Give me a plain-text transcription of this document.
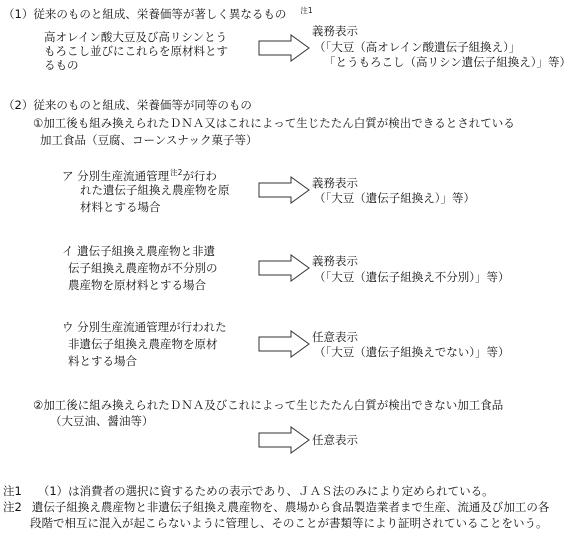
（1）従来のものと組成、栄養価等が著しく異なるもの $^{注1}$
高オレイン酸大豆及び高リシンとう
もろこし並びにこれらを原材料とす
るもの
義務表示
（「大豆（高オレイン酸遺伝子組換え）」
「とうもろこし（高リシン遺伝子組換え）」等）
（2）従来のものと組成、栄養価等が同等のもの
①加工後も組み換えられたＤＮＡ又はこれによって生じたたん白質が検出できるとされている
加工食品（豆腐、コーンスナック菓子等）
ア 分別生産流通管理$^{注2}$が行わ
れた遺伝子組換え農産物を原
材料とする場合
義務表示
（「大豆（遺伝子組換え）」等）
イ 遺伝子組換え農産物と非遺
伝子組換え農産物が不分別の
農産物を原材料とする場合
義務表示
（「大豆（遺伝子組換え不分別）」等）
ウ 分別生産流通管理が行われた
非遺伝子組換え農産物を原材
料とする場合
任意表示
（「大豆（遺伝子組換えでない）」等）
②加工後に組み換えられたＤＮＡ及びこれによって生じたたん白質が検出できない加工食品
（大豆油、醤油等）
任意表示
注1 （1）は消費者の選択に資するための表示であり、ＪＡＳ法のみにより定められている。
注2 遺伝子組換え農産物と非遺伝子組換え農産物を、農場から食品製造業者まで生産、流通及び加工の各
段階で相互に混入が起こらないように管理し、そのことが書類等により証明されていることをいう。
